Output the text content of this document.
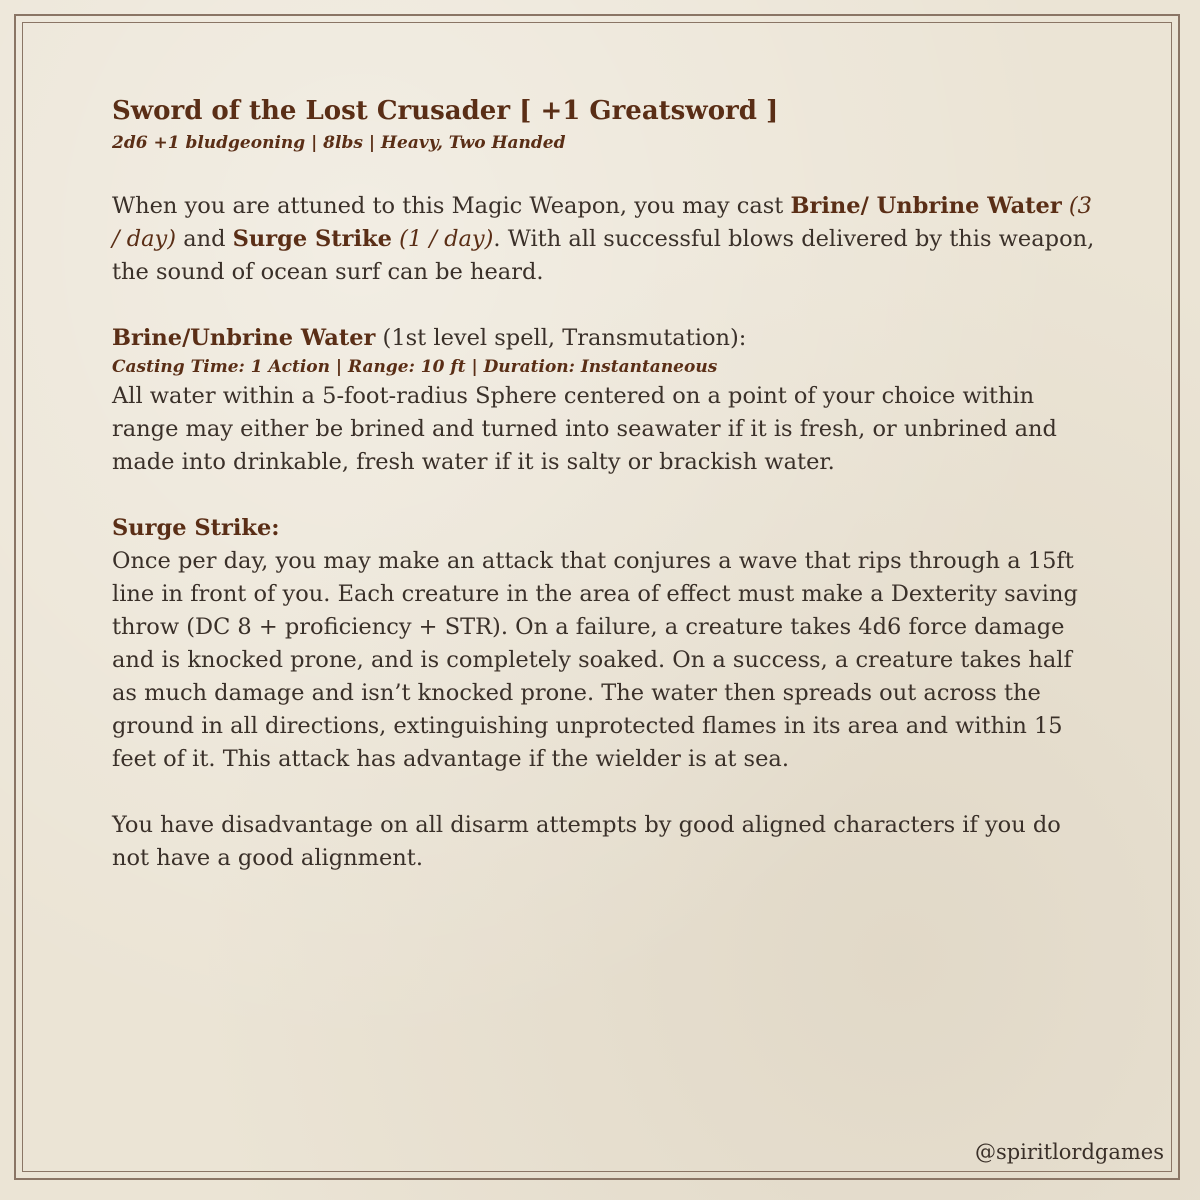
Sword of the Lost Crusader [ +1 Greatsword ]

2d6 +1 bludgeoning | 8lbs | Heavy, Two Handed

When you are attuned to this Magic Weapon, you may cast Brine/ Unbrine Water (3 / day) and Surge Strike (1 / day). With all successful blows delivered by this weapon, the sound of ocean surf can be heard.

Brine/Unbrine Water (1st level spell, Transmutation):

Casting Time: 1 Action | Range: 10 ft | Duration: Instantaneous

All water within a 5-foot-radius Sphere centered on a point of your choice within range may either be brined and turned into seawater if it is fresh, or unbrined and made into drinkable, fresh water if it is salty or brackish water.

Surge Strike:

Once per day, you may make an attack that conjures a wave that rips through a 15ft line in front of you. Each creature in the area of effect must make a Dexterity saving throw (DC 8 + proficiency + STR). On a failure, a creature takes 4d6 force damage and is knocked prone, and is completely soaked. On a success, a creature takes half as much damage and isn’t knocked prone. The water then spreads out across the ground in all directions, extinguishing unprotected flames in its area and within 15 feet of it. This attack has advantage if the wielder is at sea.

You have disadvantage on all disarm attempts by good aligned characters if you do not have a good alignment.

@spiritlordgames
